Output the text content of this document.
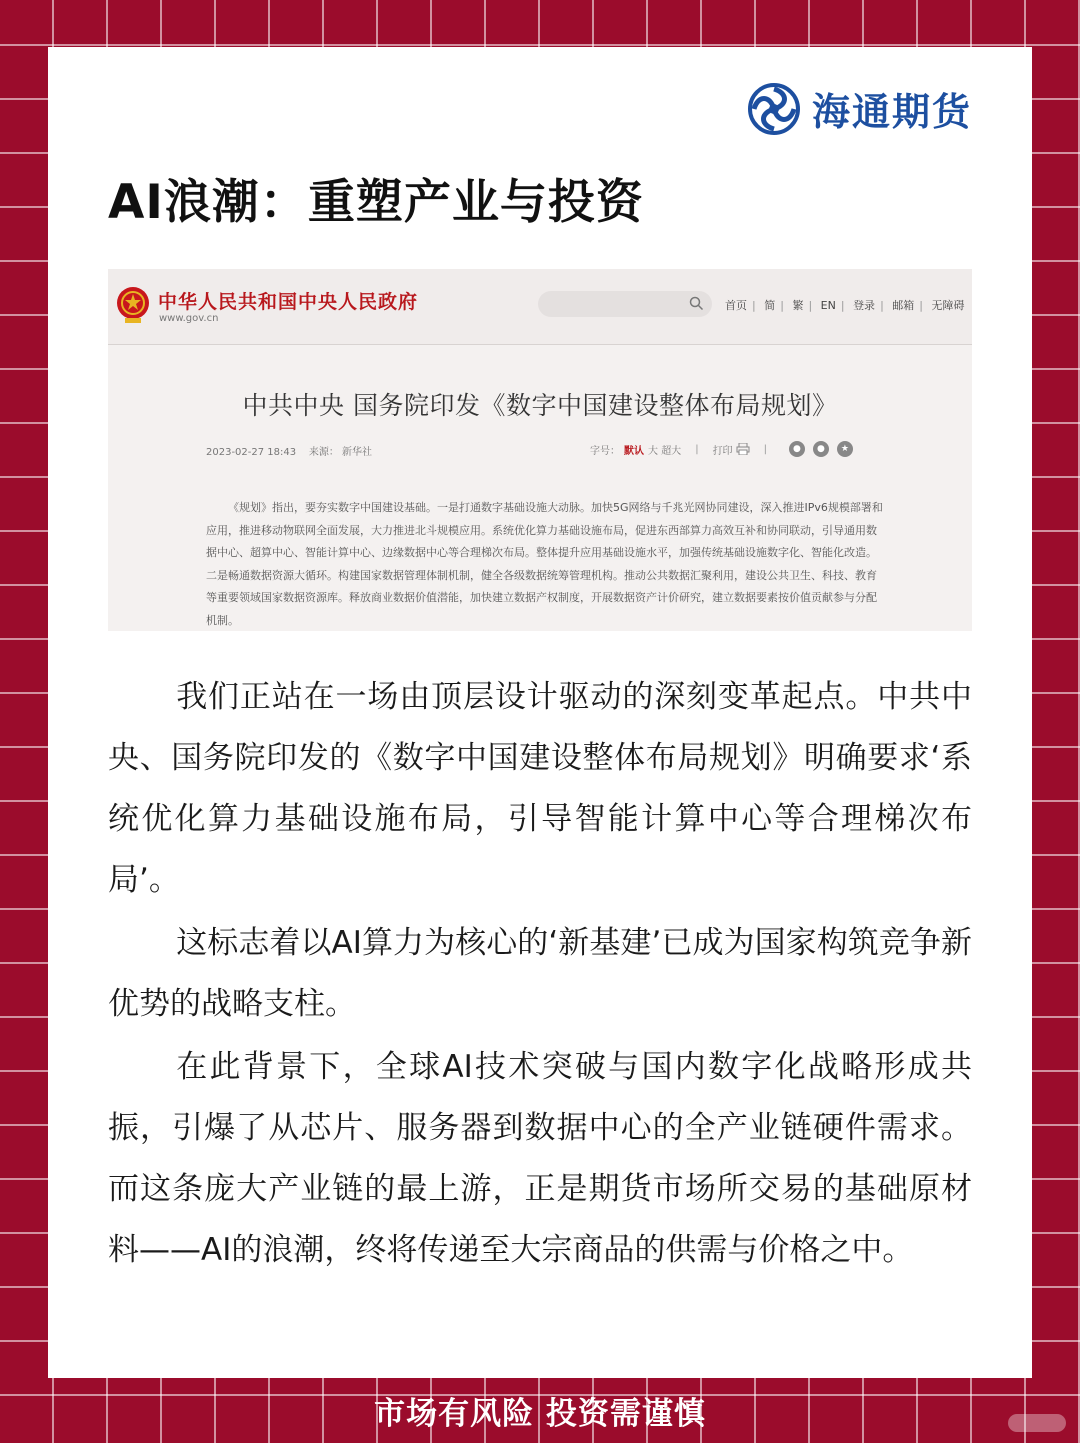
海通期货
AI浪潮：重塑产业与投资
中华人民共和国中央人民政府
www.gov.cn
首页 | 简 | 繁 | EN | 登录 | 邮箱 | 无障碍
中共中央 国务院印发《数字中国建设整体布局规划》
2023-02-27 18:43 来源： 新华社	字号： 默认 大
超大 | 打印	|	●	●	★
《规划》指出，要夯实数字中国建设基础。一是打通数字基础设施大动脉。加快5G网络与千兆光网协同建设，深入推进IPv6规模部署和应用，推进移动物联网全面发展，大力推进北斗规模应用。系统优化算力基础设施布局，促进东西部算力高效互补和协同联动，引导通用数据中心、超算中心、智能计算中心、边缘数据中心等合理梯次布局。整体提升应用基础设施水平，加强传统基础设施数字化、智能化改造。二是畅通数据资源大循环。构建国家数据管理体制机制，健全各级数据统筹管理机构。推动公共数据汇聚利用，建设公共卫生、科技、教育等重要领域国家数据资源库。释放商业数据价值潜能，加快建立数据产权制度，开展数据资产计价研究，建立数据要素按价值贡献参与分配机制。

我们正站在一场由顶层设计驱动的深刻变革起点。中共中央、国务院印发的《数字中国建设整体布局规划》明确要求‘系统优化算力基础设施布局，引导智能计算中心等合理梯次布局’。

这标志着以AI算力为核心的‘新基建’已成为国家构筑竞争新优势的战略支柱。

在此背景下，全球AI技术突破与国内数字化战略形成共振，引爆了从芯片、服务器到数据中心的全产业链硬件需求。而这条庞大产业链的最上游，正是期货市场所交易的基础原材料——AI的浪潮，终将传递至大宗商品的供需与价格之中。

市场有风险 投资需谨慎
